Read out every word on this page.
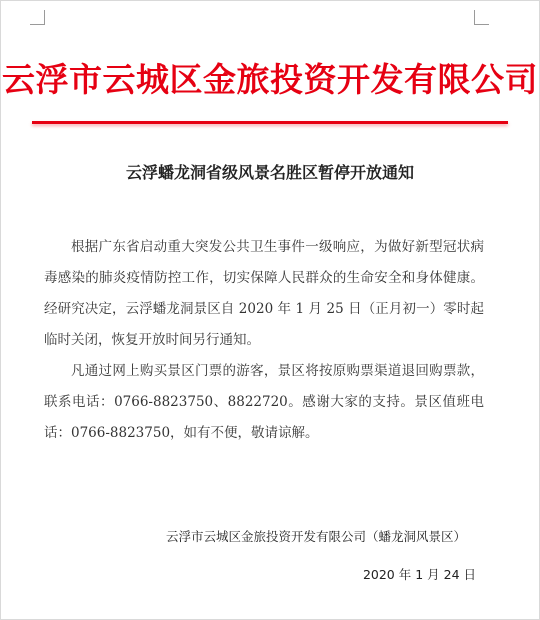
云浮市云城区金旅投资开发有限公司
云浮蟠龙洞省级风景名胜区暂停开放通知

根据广东省启动重大突发公共卫生事件一级响应，为做好新型冠状病毒感染的肺炎疫情防控工作，切实保障人民群众的生命安全和身体健康。经研究决定，云浮蟠龙洞景区自 2020 年 1 月 25 日（正月初一）零时起临时关闭，恢复开放时间另行通知。

凡通过网上购买景区门票的游客，景区将按原购票渠道退回购票款，联系电话：0766-8823750、8822720。感谢大家的支持。景区值班电话：0766-8823750，如有不便，敬请谅解。

云浮市云城区金旅投资开发有限公司（蟠龙洞风景区）
2020 年 1 月 24 日
